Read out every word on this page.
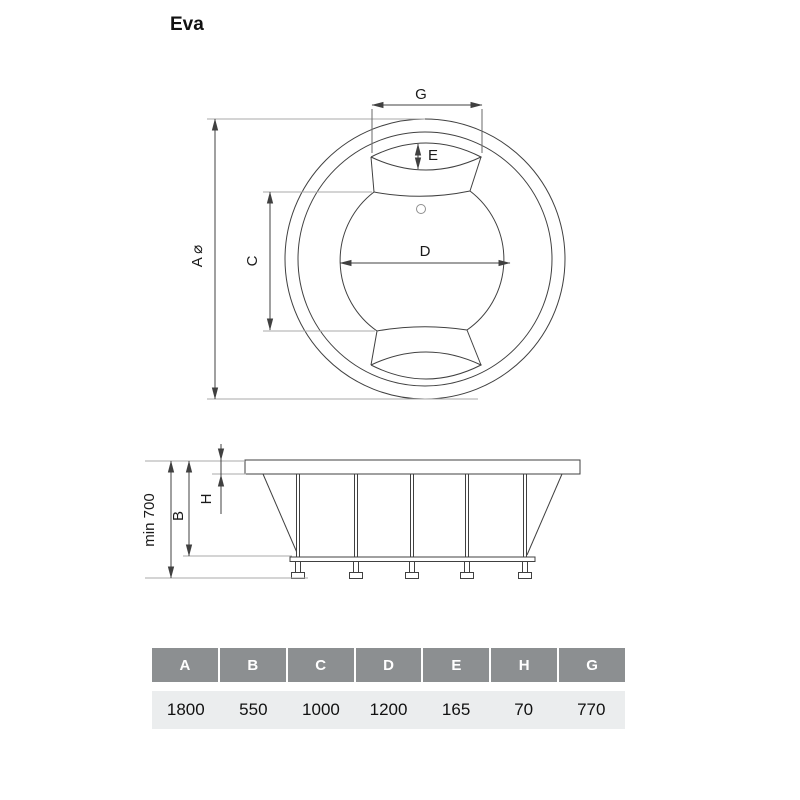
Eva
G
E
D
C
A ⌀
min 700 B
H
A	B	C	D	E	H	G
1800	550	1000	1200	165	70	770
